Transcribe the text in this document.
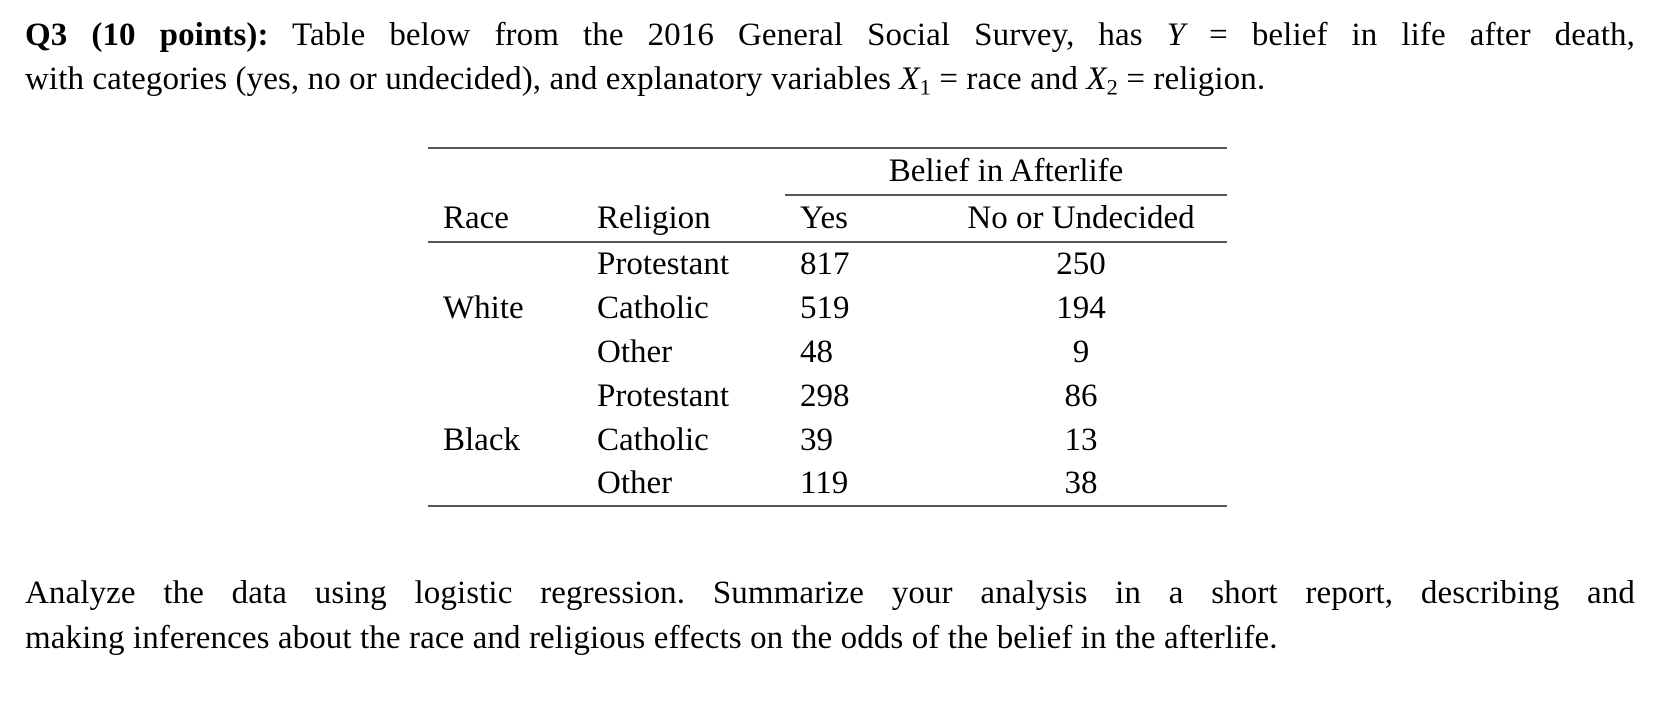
Q3 (10 points): Table below from the 2016 General Social Survey, has Y = belief in life after death,
with categories (yes, no or undecided), and explanatory variables $X_1$ = race and $X_2$ = religion.
		Belief in Afterlife	
Race	Religion	Yes	No or Undecided
	Protestant	817	250
White	Catholic	519	194
	Other	48	9
	Protestant	298	86
Black	Catholic	39	13
	Other	119	38
Analyze the data using logistic regression. Summarize your analysis in a short report, describing and
making inferences about the race and religious effects on the odds of the belief in the afterlife.
